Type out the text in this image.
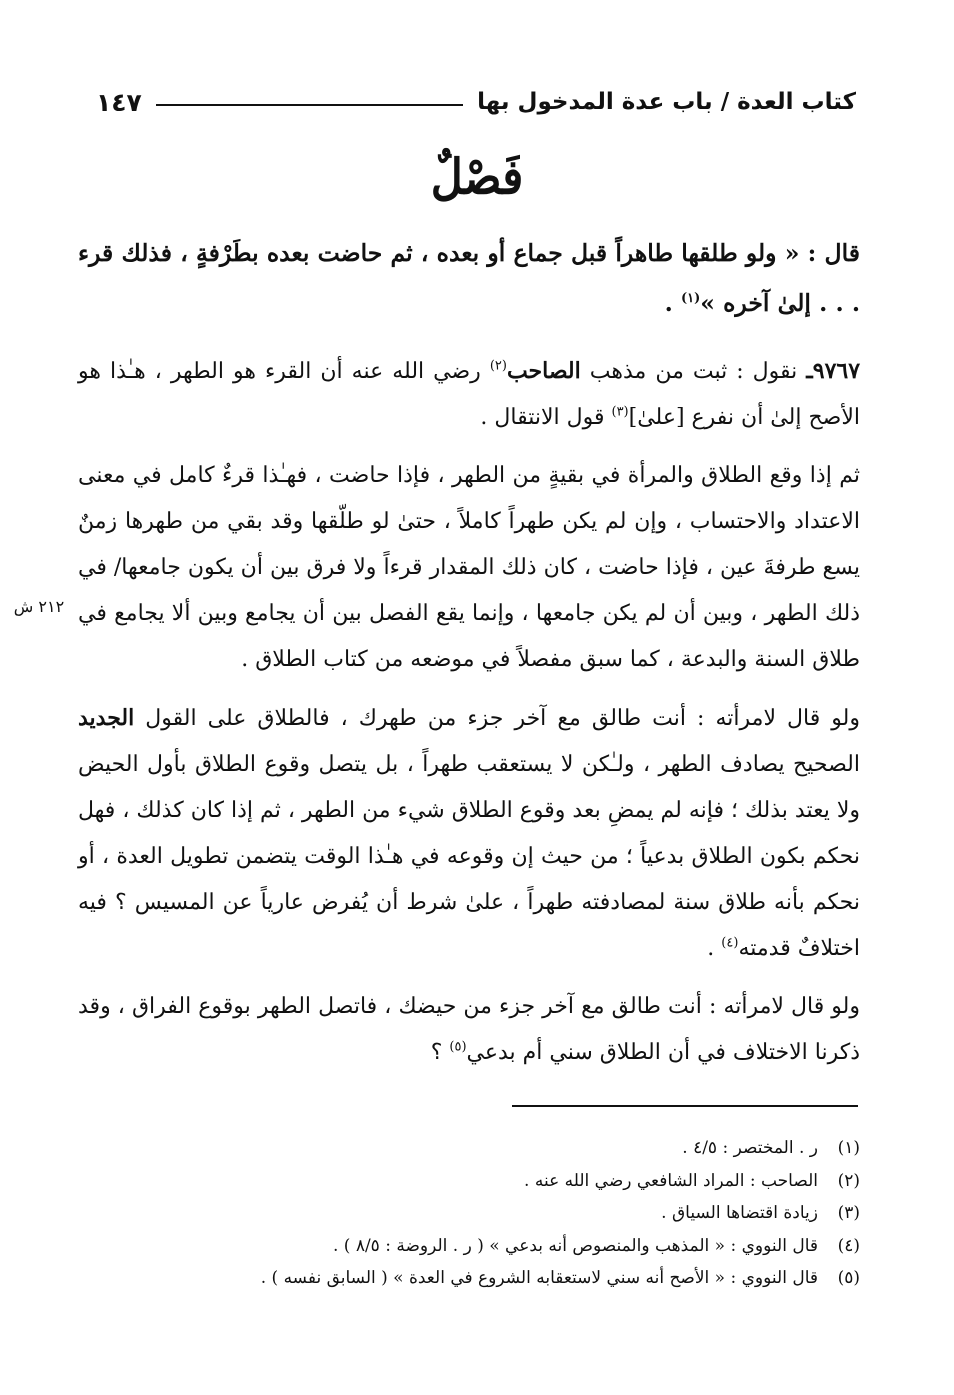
كتاب العدة / باب عدة المدخول بها
١٤٧
فَصْلٌ

قال : « ولو طلقها طاهراً قبل جماع أو بعده ، ثم حاضت بعده بطَرْفةٍ ، فذلك قرء . . . إلىٰ آخره »$^{(١)}$ .

٩٧٦٧ـ نقول : ثبت من مذهب الصاحب$^{(٢)}$ رضي الله عنه أن القرء هو الطهر ، هـٰذا هو الأصح إلىٰ أن نفرع [علىٰ]$^{(٣)}$ قول الانتقال .

ثم إذا وقع الطلاق والمرأة في بقيةٍ من الطهر ، فإذا حاضت ، فهـٰذا قرءٌ كامل في معنى الاعتداد والاحتساب ، وإن لم يكن طهراً كاملاً ، حتىٰ لو طلّقها وقد بقي من طهرها زمنٌ يسع طرفةَ عين ، فإذا حاضت ، كان ذلك المقدار قرءاً ولا فرق بين أن يكون جامعها/ في ذلك الطهر ، وبين أن لم يكن جامعها ، وإنما يقع الفصل بين أن يجامع وبين ألا يجامع في طلاق السنة والبدعة ، كما سبق مفصلاً في موضعه من كتاب الطلاق .

ولو قال لامرأته : أنت طالق مع آخر جزء من طهرك ، فالطلاق على القول الجديد الصحيح يصادف الطهر ، ولـٰكن لا يستعقب طهراً ، بل يتصل وقوع الطلاق بأول الحيض ولا يعتد بذلك ؛ فإنه لم يمضِ بعد وقوع الطلاق شيء من الطهر ، ثم إذا كان كذلك ، فهل نحكم بكون الطلاق بدعياً ؛ من حيث إن وقوعه في هـٰذا الوقت يتضمن تطويل العدة ، أو نحكم بأنه طلاق سنة لمصادفته طهراً ، علىٰ شرط أن يُفرض عارياً عن المسيس ؟ فيه اختلافٌ قدمته$^{(٤)}$ .

ولو قال لامرأته : أنت طالق مع آخر جزء من حيضك ، فاتصل الطهر بوقوع الفراق ، وقد ذكرنا الاختلاف في أن الطلاق سني أم بدعي$^{(٥)}$ ؟

٢١٢ ش
(١)
ر . المختصر : ٤/٥ .
(٢)
الصاحب : المراد الشافعي رضي الله عنه .
(٣)
زيادة اقتضاها السياق .
(٤)
قال النووي : « المذهب والمنصوص أنه بدعي » ( ر . الروضة : ٨/٥ ) .
(٥)
قال النووي : « الأصح أنه سني لاستعقابه الشروع في العدة » ( السابق نفسه ) .
